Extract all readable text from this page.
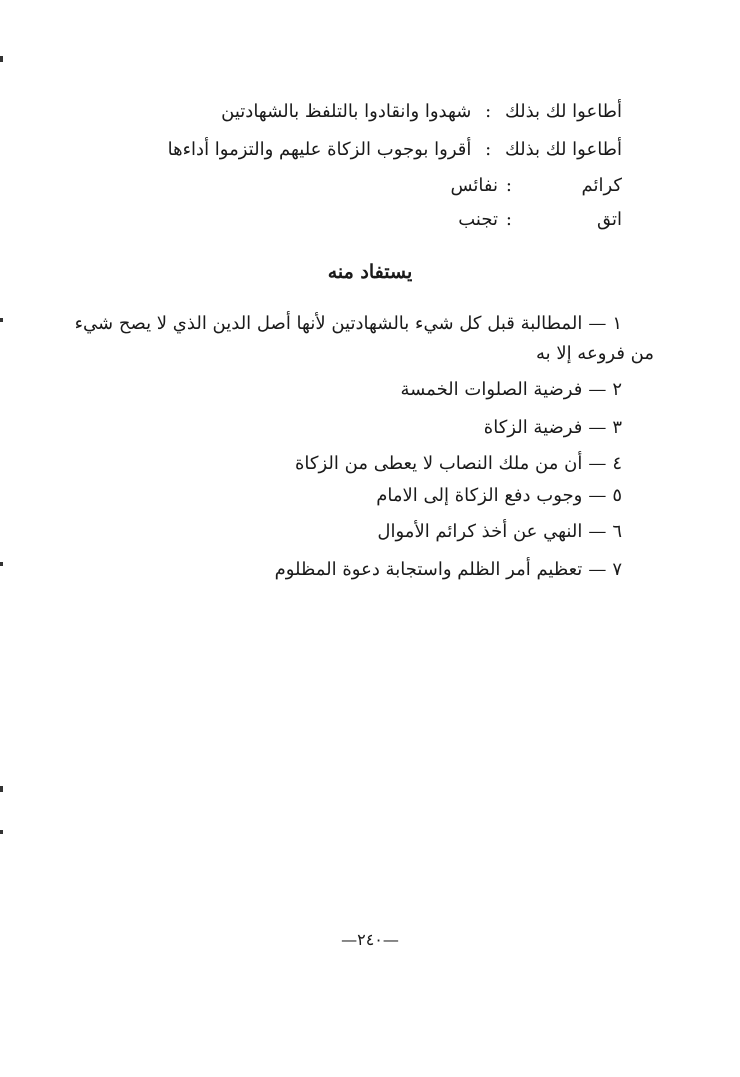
أطاعوا لك بذلك : شهدوا وانقادوا بالتلفظ بالشهادتين
أطاعوا لك بذلك : أقروا بوجوب الزكاة عليهم والتزموا أداءها
كرائم
:
نفائس
اتق
:
تجنب
يستفاد منه
١—المطالبة قبل كل شيء بالشهادتين لأنها أصل الدين الذي لا يصح شيء
من فروعه إلا به
٢—فرضية الصلوات الخمسة
٣—فرضية الزكاة
٤—أن من ملك النصاب لا يعطى من الزكاة
٥—وجوب دفع الزكاة إلى الامام
٦—النهي عن أخذ كرائم الأموال
٧—تعظيم أمر الظلم واستجابة دعوة المظلوم
—٢٤٠—
